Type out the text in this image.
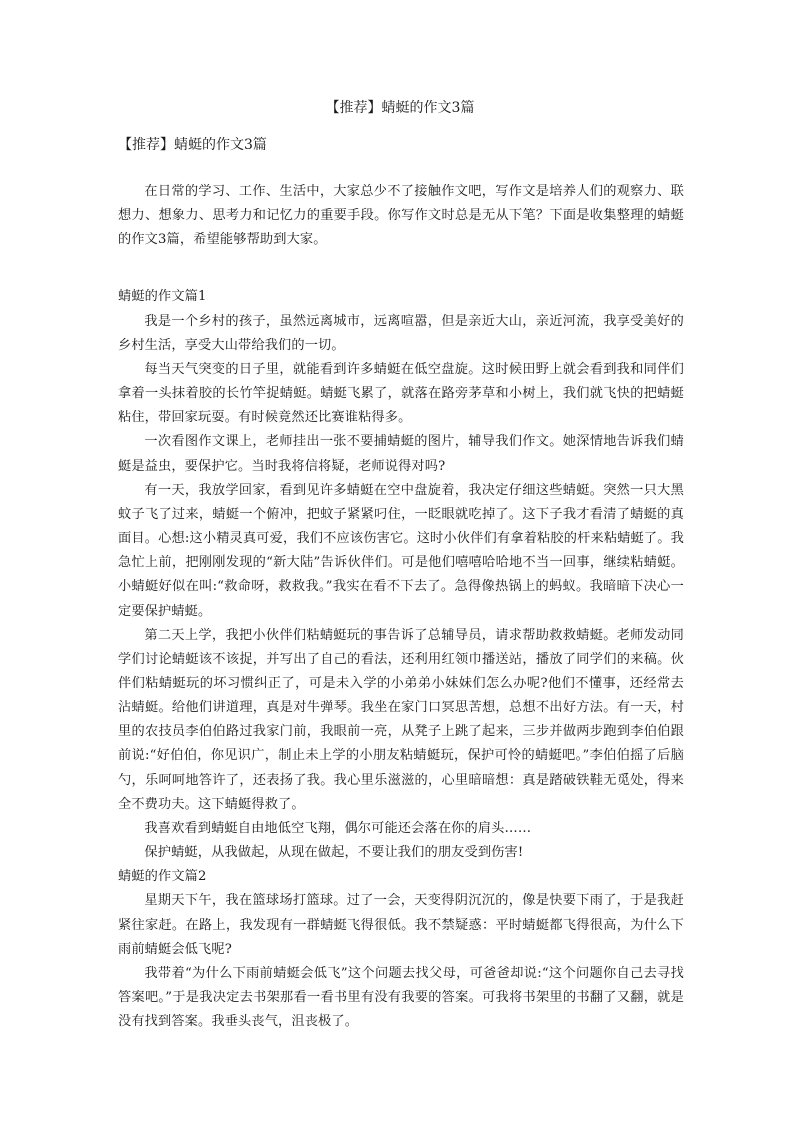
【推荐】蜻蜓的作文3篇
【推荐】蜻蜓的作文3篇

在日常的学习、工作、生活中，大家总少不了接触作文吧，写作文是培养人们的观察力、联想力、想象力、思考力和记忆力的重要手段。你写作文时总是无从下笔？下面是收集整理的蜻蜓的作文3篇，希望能够帮助到大家。

蜻蜓的作文篇1

我是一个乡村的孩子，虽然远离城市，远离喧嚣，但是亲近大山，亲近河流，我享受美好的乡村生活，享受大山带给我们的一切。

每当天气突变的日子里，就能看到许多蜻蜓在低空盘旋。这时候田野上就会看到我和同伴们拿着一头抹着胶的长竹竿捉蜻蜓。蜻蜓飞累了，就落在路旁茅草和小树上，我们就飞快的把蜻蜓粘住，带回家玩耍。有时候竟然还比赛谁粘得多。

一次看图作文课上，老师挂出一张不要捕蜻蜓的图片，辅导我们作文。她深情地告诉我们蜻蜓是益虫，要保护它。当时我将信将疑，老师说得对吗?

有一天，我放学回家，看到见许多蜻蜓在空中盘旋着，我决定仔细这些蜻蜓。突然一只大黑蚊子飞了过来，蜻蜓一个俯冲，把蚊子紧紧叼住，一眨眼就吃掉了。这下子我才看清了蜻蜓的真面目。心想:这小精灵真可爱，我们不应该伤害它。这时小伙伴们有拿着粘胶的杆来粘蜻蜓了。我急忙上前，把刚刚发现的“新大陆”告诉伙伴们。可是他们嘻嘻哈哈地不当一回事，继续粘蜻蜓。小蜻蜓好似在叫:“救命呀，救救我。”我实在看不下去了。急得像热锅上的蚂蚁。我暗暗下决心一定要保护蜻蜓。

第二天上学，我把小伙伴们粘蜻蜓玩的事告诉了总辅导员，请求帮助救救蜻蜓。老师发动同学们讨论蜻蜓该不该捉，并写出了自己的看法，还利用红领巾播送站，播放了同学们的来稿。伙伴们粘蜻蜓玩的坏习惯纠正了，可是未入学的小弟弟小妹妹们怎么办呢?他们不懂事，还经常去沾蜻蜓。给他们讲道理，真是对牛弹琴。我坐在家门口冥思苦想，总想不出好方法。有一天，村里的农技员李伯伯路过我家门前，我眼前一亮，从凳子上跳了起来，三步并做两步跑到李伯伯跟前说:“好伯伯，你见识广，制止未上学的小朋友粘蜻蜓玩，保护可怜的蜻蜓吧。”李伯伯摇了后脑勺，乐呵呵地答许了，还表扬了我。我心里乐滋滋的，心里暗暗想：真是踏破铁鞋无觅处，得来全不费功夫。这下蜻蜓得救了。

我喜欢看到蜻蜓自由地低空飞翔，偶尔可能还会落在你的肩头……

保护蜻蜓，从我做起，从现在做起，不要让我们的朋友受到伤害!

蜻蜓的作文篇2

星期天下午，我在篮球场打篮球。过了一会，天变得阴沉沉的，像是快要下雨了，于是我赶紧往家赶。在路上，我发现有一群蜻蜓飞得很低。我不禁疑惑：平时蜻蜓都飞得很高，为什么下雨前蜻蜓会低飞呢?

我带着“为什么下雨前蜻蜓会低飞”这个问题去找父母，可爸爸却说:“这个问题你自己去寻找答案吧。”于是我决定去书架那看一看书里有没有我要的答案。可我将书架里的书翻了又翻，就是没有找到答案。我垂头丧气，沮丧极了。
